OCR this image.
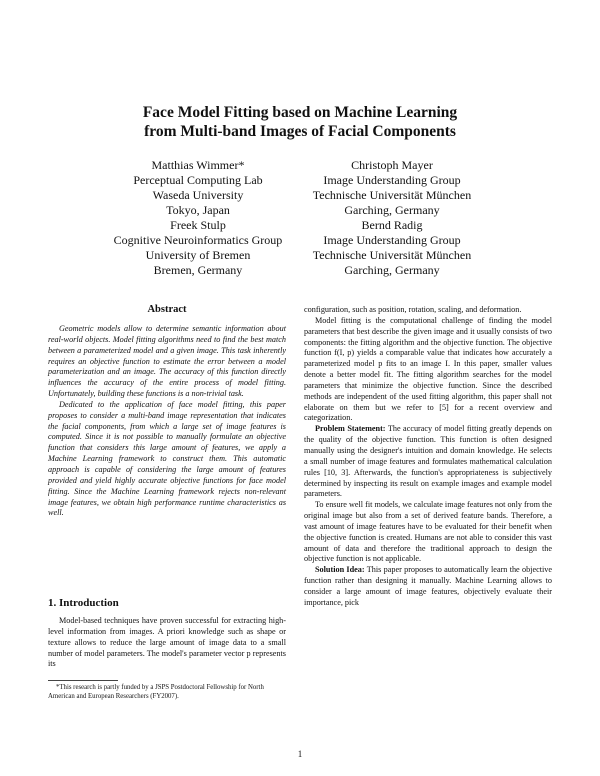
Face Model Fitting based on Machine Learning
from Multi-band Images of Facial Components
Matthias Wimmer*
Perceptual Computing Lab
Waseda University
Tokyo, Japan
Christoph Mayer
Image Understanding Group
Technische Universität München
Garching, Germany
Freek Stulp
Cognitive Neuroinformatics Group
University of Bremen
Bremen, Germany
Bernd Radig
Image Understanding Group
Technische Universität München
Garching, Germany
Abstract

Geometric models allow to determine semantic information about real-world objects. Model fitting algorithms need to find the best match between a parameterized model and a given image. This task inherently requires an objective function to estimate the error between a model parameterization and an image. The accuracy of this function directly influences the accuracy of the entire process of model fitting. Unfortunately, building these functions is a non-trivial task.

Dedicated to the application of face model fitting, this paper proposes to consider a multi-band image representation that indicates the facial components, from which a large set of image features is computed. Since it is not possible to manually formulate an objective function that considers this large amount of features, we apply a Machine Learning framework to construct them. This automatic approach is capable of considering the large amount of features provided and yield highly accurate objective functions for face model fitting. Since the Machine Learning framework rejects non-relevant image features, we obtain high performance runtime characteristics as well.

1. Introduction

Model-based techniques have proven successful for extracting high-level information from images. A priori knowledge such as shape or texture allows to reduce the large amount of image data to a small number of model parameters. The model's parameter vector p represents its

*This research is partly funded by a JSPS Postdoctoral Fellowship for North American and European Researchers (FY2007).

configuration, such as position, rotation, scaling, and deformation.

Model fitting is the computational challenge of finding the model parameters that best describe the given image and it usually consists of two components: the fitting algorithm and the objective function. The objective function f(I, p) yields a comparable value that indicates how accurately a parameterized model p fits to an image I. In this paper, smaller values denote a better model fit. The fitting algorithm searches for the model parameters that minimize the objective function. Since the described methods are independent of the used fitting algorithm, this paper shall not elaborate on them but we refer to [5] for a recent overview and categorization.

Problem Statement: The accuracy of model fitting greatly depends on the quality of the objective function. This function is often designed manually using the designer's intuition and domain knowledge. He selects a small number of image features and formulates mathematical calculation rules [10, 3]. Afterwards, the function's appropriateness is subjectively determined by inspecting its result on example images and example model parameters.

To ensure well fit models, we calculate image features not only from the original image but also from a set of derived feature bands. Therefore, a vast amount of image features have to be evaluated for their benefit when the objective function is created. Humans are not able to consider this vast amount of data and therefore the traditional approach to design the objective function is not applicable.

Solution Idea: This paper proposes to automatically learn the objective function rather than designing it manually. Machine Learning allows to consider a large amount of image features, objectively evaluate their importance, pick

1
